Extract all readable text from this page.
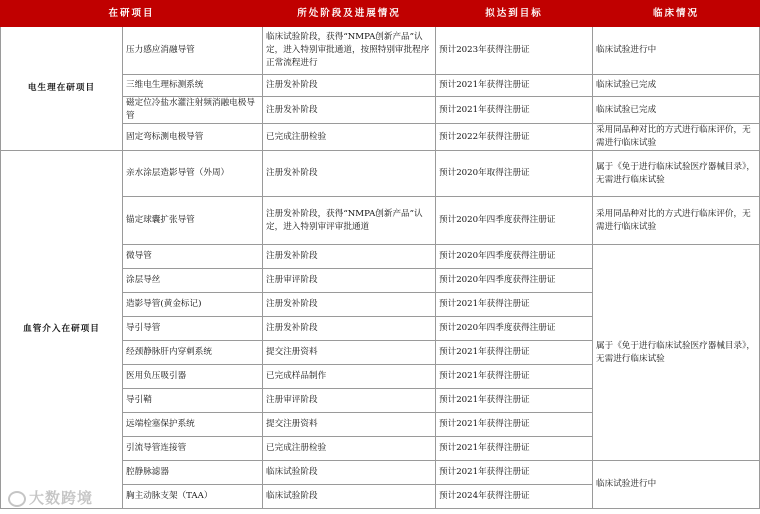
在研项目		所处阶段及进展情况	拟达到目标	临床情况
电生理在研项目	压力感应消融导管	临床试验阶段，获得“NMPA创新产品”认定，进入特别审批通道，按照特别审批程序正常流程进行	预计2023年获得注册证	临床试验进行中
	三维电生理标测系统	注册发补阶段	预计2021年获得注册证	临床试验已完成
	磁定位冷盐水灌注射频消融电极导管	注册发补阶段	预计2021年获得注册证	临床试验已完成
	固定弯标测电极导管	已完成注册检验	预计2022年获得注册证	采用同品种对比的方式进行临床评价，无需进行临床试验
血管介入在研项目	亲水涂层造影导管（外周）	注册发补阶段	预计2020年取得注册证	属于《免于进行临床试验医疗器械目录》，无需进行临床试验
	锚定球囊扩张导管	注册发补阶段，获得“NMPA创新产品”认定，进入特别审评审批通道	预计2020年四季度获得注册证	采用同品种对比的方式进行临床评价，无需进行临床试验
	微导管	注册发补阶段	预计2020年四季度获得注册证	属于《免于进行临床试验医疗器械目录》，无需进行临床试验
	涂层导丝	注册审评阶段	预计2020年四季度获得注册证	
	造影导管(黄金标记)	注册发补阶段	预计2021年获得注册证	
	导引导管	注册发补阶段	预计2020年四季度获得注册证	
	经颈静脉肝内穿刺系统	提交注册资料	预计2021年获得注册证	
	医用负压吸引器	已完成样品制作	预计2021年获得注册证	
	导引鞘	注册审评阶段	预计2021年获得注册证	
	远端栓塞保护系统	提交注册资料	预计2021年获得注册证	
	引流导管连接管	已完成注册检验	预计2021年获得注册证	
	腔静脉滤器	临床试验阶段	预计2021年获得注册证	临床试验进行中
	胸主动脉支架（TAA）	临床试验阶段	预计2024年获得注册证	
大数跨境
